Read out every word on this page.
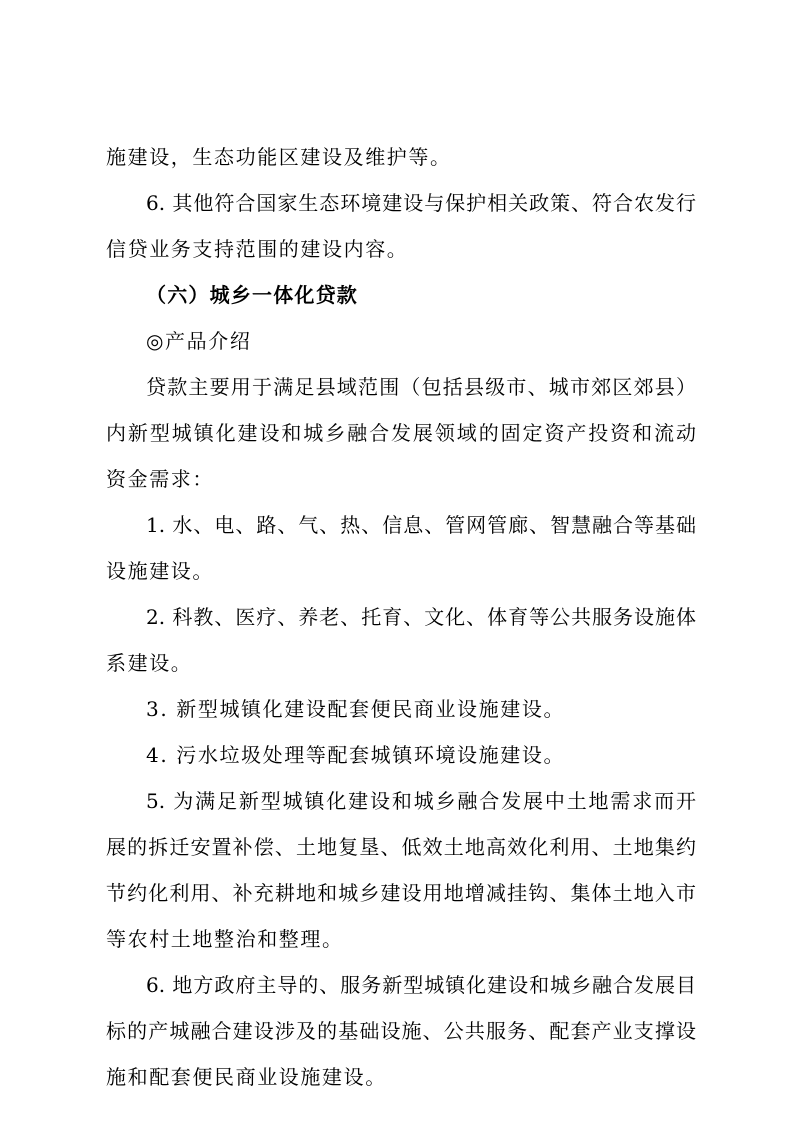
施建设，生态功能区建设及维护等。

6. 其他符合国家生态环境建设与保护相关政策、符合农发行

信贷业务支持范围的建设内容。

（六）城乡一体化贷款

◎产品介绍

贷款主要用于满足县域范围（包括县级市、城市郊区郊县）

内新型城镇化建设和城乡融合发展领域的固定资产投资和流动

资金需求：

1. 水、电、路、气、热、信息、管网管廊、智慧融合等基础

设施建设。

2. 科教、医疗、养老、托育、文化、体育等公共服务设施体

系建设。

3. 新型城镇化建设配套便民商业设施建设。

4. 污水垃圾处理等配套城镇环境设施建设。

5. 为满足新型城镇化建设和城乡融合发展中土地需求而开

展的拆迁安置补偿、土地复垦、低效土地高效化利用、土地集约

节约化利用、补充耕地和城乡建设用地增减挂钩、集体土地入市

等农村土地整治和整理。

6. 地方政府主导的、服务新型城镇化建设和城乡融合发展目

标的产城融合建设涉及的基础设施、公共服务、配套产业支撑设

施和配套便民商业设施建设。
